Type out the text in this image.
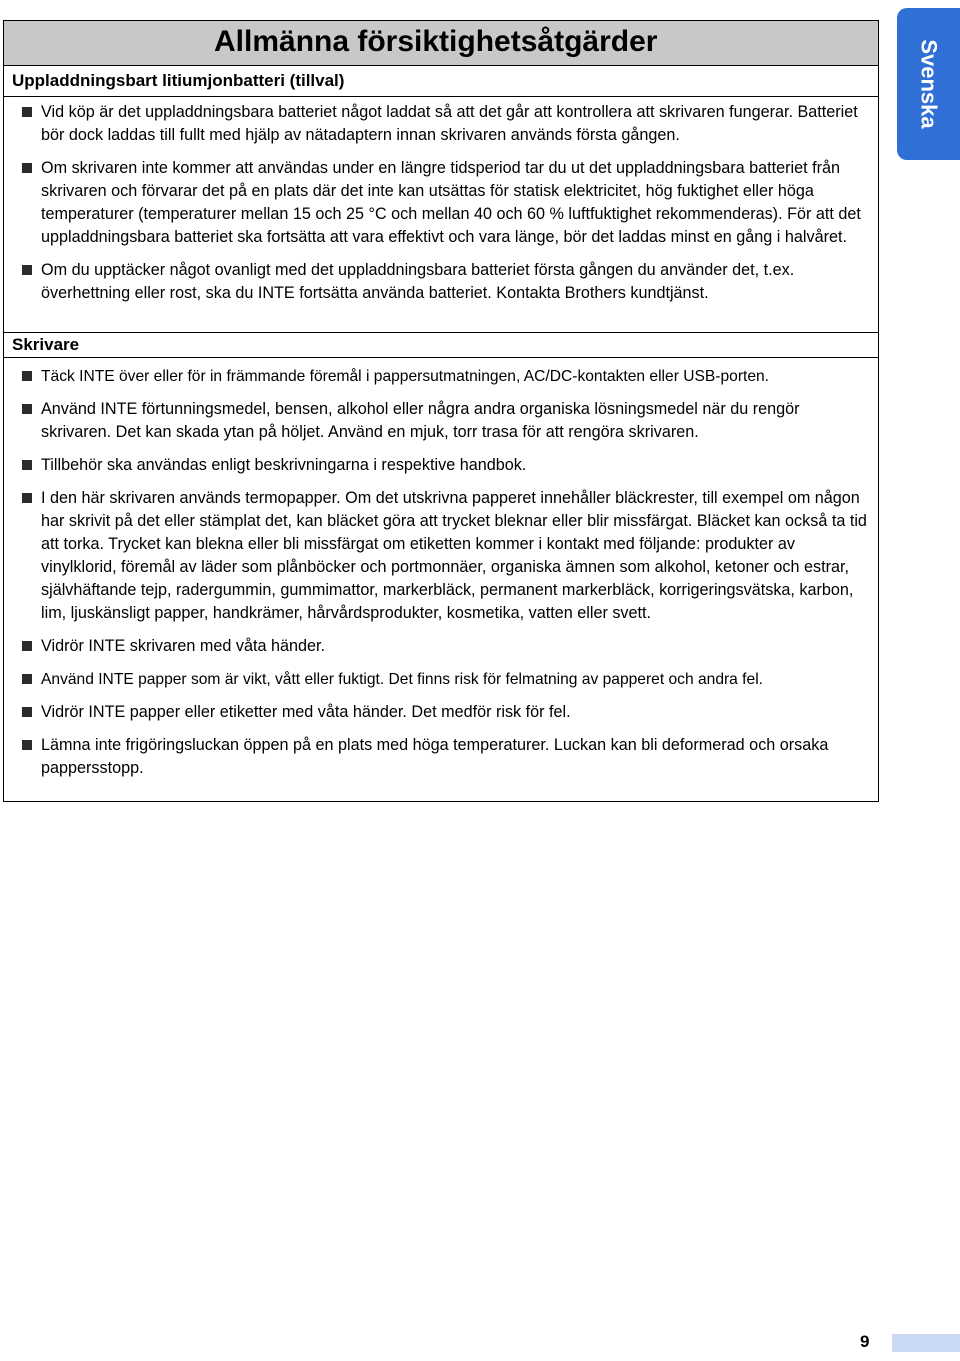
Allmänna försiktighetsåtgärder
Uppladdningsbart litiumjonbatteri (tillval)
Vid köp är det uppladdningsbara batteriet något laddat så att det går att kontrollera att skrivaren fungerar. Batteriet bör dock laddas till fullt med hjälp av nätadaptern innan skrivaren används första gången.
Om skrivaren inte kommer att användas under en längre tidsperiod tar du ut det uppladdningsbara batteriet från skrivaren och förvarar det på en plats där det inte kan utsättas för statisk elektricitet, hög fuktighet eller höga temperaturer (temperaturer mellan 15 och 25 °C och mellan 40 och 60 % luftfuktighet rekommenderas). För att det uppladdningsbara batteriet ska fortsätta att vara effektivt och vara länge, bör det laddas minst en gång i halvåret.
Om du upptäcker något ovanligt med det uppladdningsbara batteriet första gången du använder det, t.ex. överhettning eller rost, ska du INTE fortsätta använda batteriet. Kontakta Brothers kundtjänst.
Skrivare
Täck INTE över eller för in främmande föremål i pappersutmatningen, AC/DC-kontakten eller USB-porten.
Använd INTE förtunningsmedel, bensen, alkohol eller några andra organiska lösningsmedel när du rengör skrivaren. Det kan skada ytan på höljet. Använd en mjuk, torr trasa för att rengöra skrivaren.
Tillbehör ska användas enligt beskrivningarna i respektive handbok.
I den här skrivaren används termopapper. Om det utskrivna papperet innehåller bläckrester, till exempel om någon har skrivit på det eller stämplat det, kan bläcket göra att trycket bleknar eller blir missfärgat. Bläcket kan också ta tid att torka. Trycket kan blekna eller bli missfärgat om etiketten kommer i kontakt med följande: produkter av vinylklorid, föremål av läder som plånböcker och portmonnäer, organiska ämnen som alkohol, ketoner och estrar, självhäftande tejp, radergummin, gummimattor, markerbläck, permanent markerbläck, korrigeringsvätska, karbon, lim, ljuskänsligt papper, handkrämer, hårvårdsprodukter, kosmetika, vatten eller svett.
Vidrör INTE skrivaren med våta händer.
Använd INTE papper som är vikt, vått eller fuktigt. Det finns risk för felmatning av papperet och andra fel.
Vidrör INTE papper eller etiketter med våta händer. Det medför risk för fel.
Lämna inte frigöringsluckan öppen på en plats med höga temperaturer. Luckan kan bli deformerad och orsaka pappersstopp.
Svenska
9
